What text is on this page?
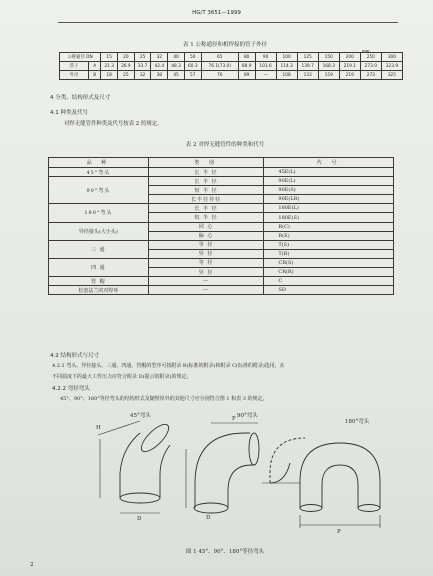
HG/T 3651—1999
表 1 公称通径和相焊接的管子外径
mm
公称通径 DN		15	20	25	32	40	50	65	80	90	100	125	150	200	250	300
管子	A	21.3	26.9	33.7	42.4	48.3	60.3	76.1(73.0)	88.9	101.6	114.3	139.7	168.3	219.1	273.0	323.9
外径	B	18	25	32	38	45	57	76	89	—	108	133	159	219	273	325
4 分类、结构形式及尺寸
4.1 种类及代号
对焊无缝管件种类及代号按表 2 的规定。
表 2 对焊无缝管件的种类和代号
品 种	类 别	代 号
45°弯头	长 半 径	45E(L)
90°弯头	长 半 径	90E(L)
	短 半 径	90E(S)
	长半径异径	90E(LR)
180°弯头	长 半 径	180E(L)
	短 半 径	180E(S)
异径接头(大小头)	同 心	R(C)
	偏 心	R(E)
三 通	等 径	T(S)
	异 径	T(R)
四 通	等 径	CR(S)
	异 径	CR(R)
管 帽	—	C
松套法兰的对焊环	—	SD
4.2 结构形式与尺寸
4.2.1 弯头、异径接头、三通、四通、管帽的型序可按附录 B(标准的附录)和附录 C(标准的附录)选用，在
不同温度下的最大工作压力应符合附录 D(提示的附录)的规定。
4.2.2 弯径弯头
45°、90°、180°等径弯头的结构形式及随壁厚外的其他尺寸应分别符合图 1 和表 3 的规定。
45°弯头	90°弯头
180°弯头
H
D	D
F
P
图 1 45°、90°、180°等径弯头
2
